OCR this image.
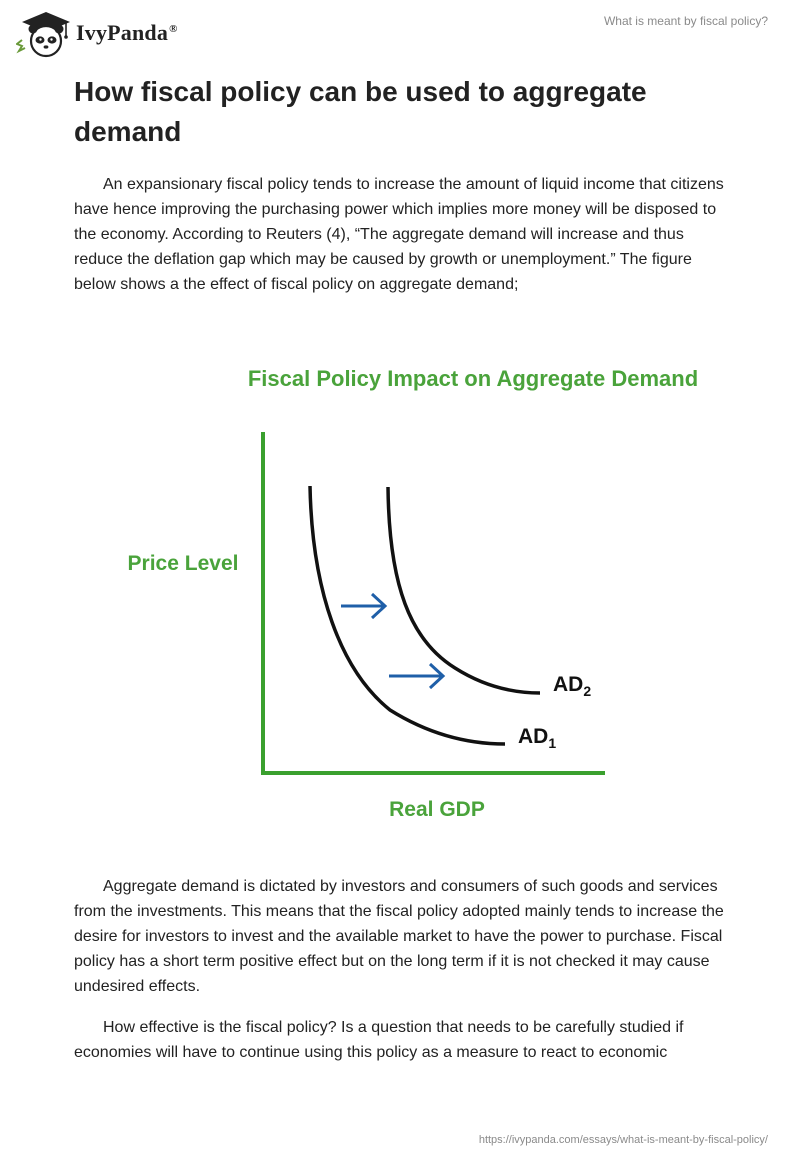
IvyPanda®
What is meant by fiscal policy?
How fiscal policy can be used to aggregate demand

An expansionary fiscal policy tends to increase the amount of liquid income that citizens have hence improving the purchasing power which implies more money will be disposed to the economy. According to Reuters (4), “The aggregate demand will increase and thus reduce the deflation gap which may be caused by growth or unemployment.” The figure below shows a the effect of fiscal policy on aggregate demand;

Fiscal Policy Impact on Aggregate Demand
Price Level
Real GDP
$AD_2$
$AD_1$

Aggregate demand is dictated by investors and consumers of such goods and services from the investments. This means that the fiscal policy adopted mainly tends to increase the desire for investors to invest and the available market to have the power to purchase. Fiscal policy has a short term positive effect but on the long term if it is not checked it may cause undesired effects.

How effective is the fiscal policy? Is a question that needs to be carefully studied if economies will have to continue using this policy as a measure to react to economic

https://ivypanda.com/essays/what-is-meant-by-fiscal-policy/
